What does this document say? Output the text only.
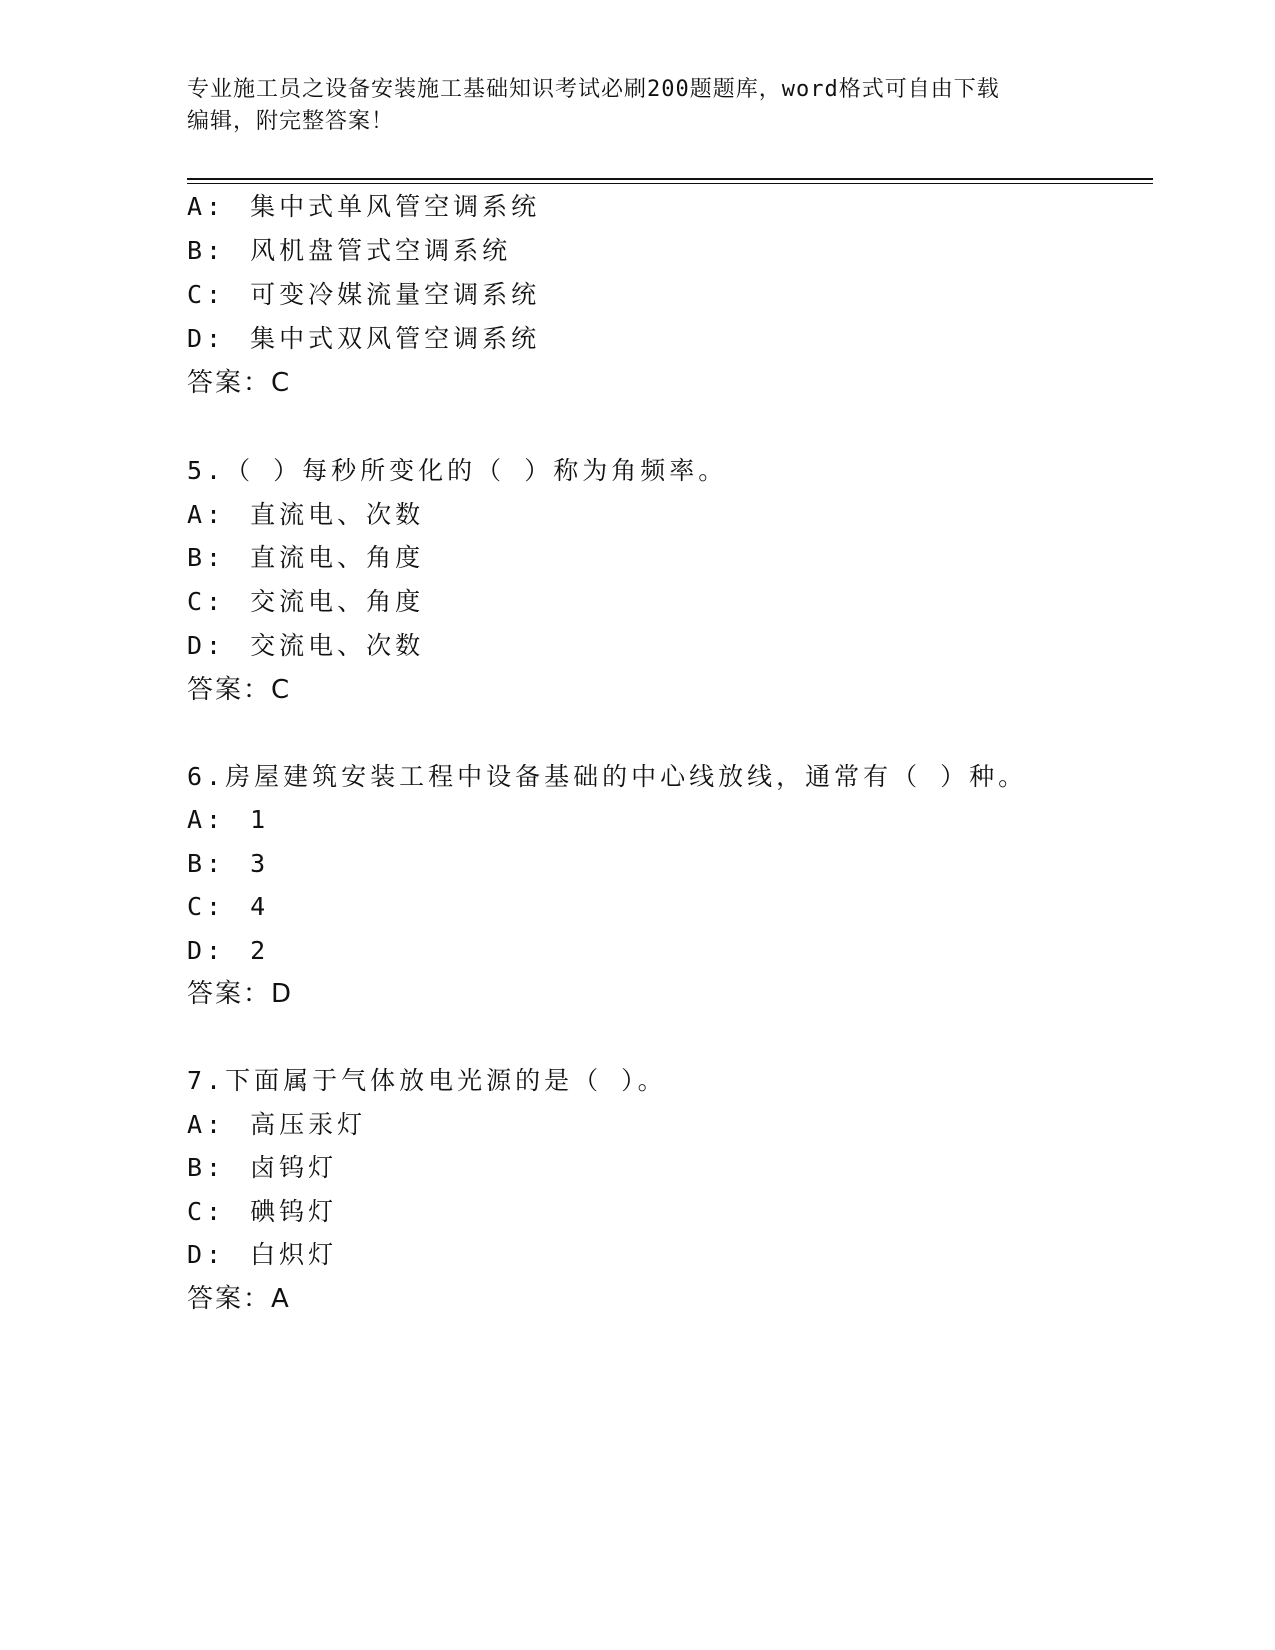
专业施工员之设备安装施工基础知识考试必刷200题题库，word格式可自由下载
编辑，附完整答案！
A: 集中式单风管空调系统
B: 风机盘管式空调系统
C: 可变冷媒流量空调系统
D: 集中式双风管空调系统
答案：C
5.（ ）每秒所变化的（ ）称为角频率。
A: 直流电、次数
B: 直流电、角度
C: 交流电、角度
D: 交流电、次数
答案：C
6.房屋建筑安装工程中设备基础的中心线放线，通常有（ ）种。
A: 1
B: 3
C: 4
D: 2
答案：D
7.下面属于气体放电光源的是（ ）。
A: 高压汞灯
B: 卤钨灯
C: 碘钨灯
D: 白炽灯
答案：A
